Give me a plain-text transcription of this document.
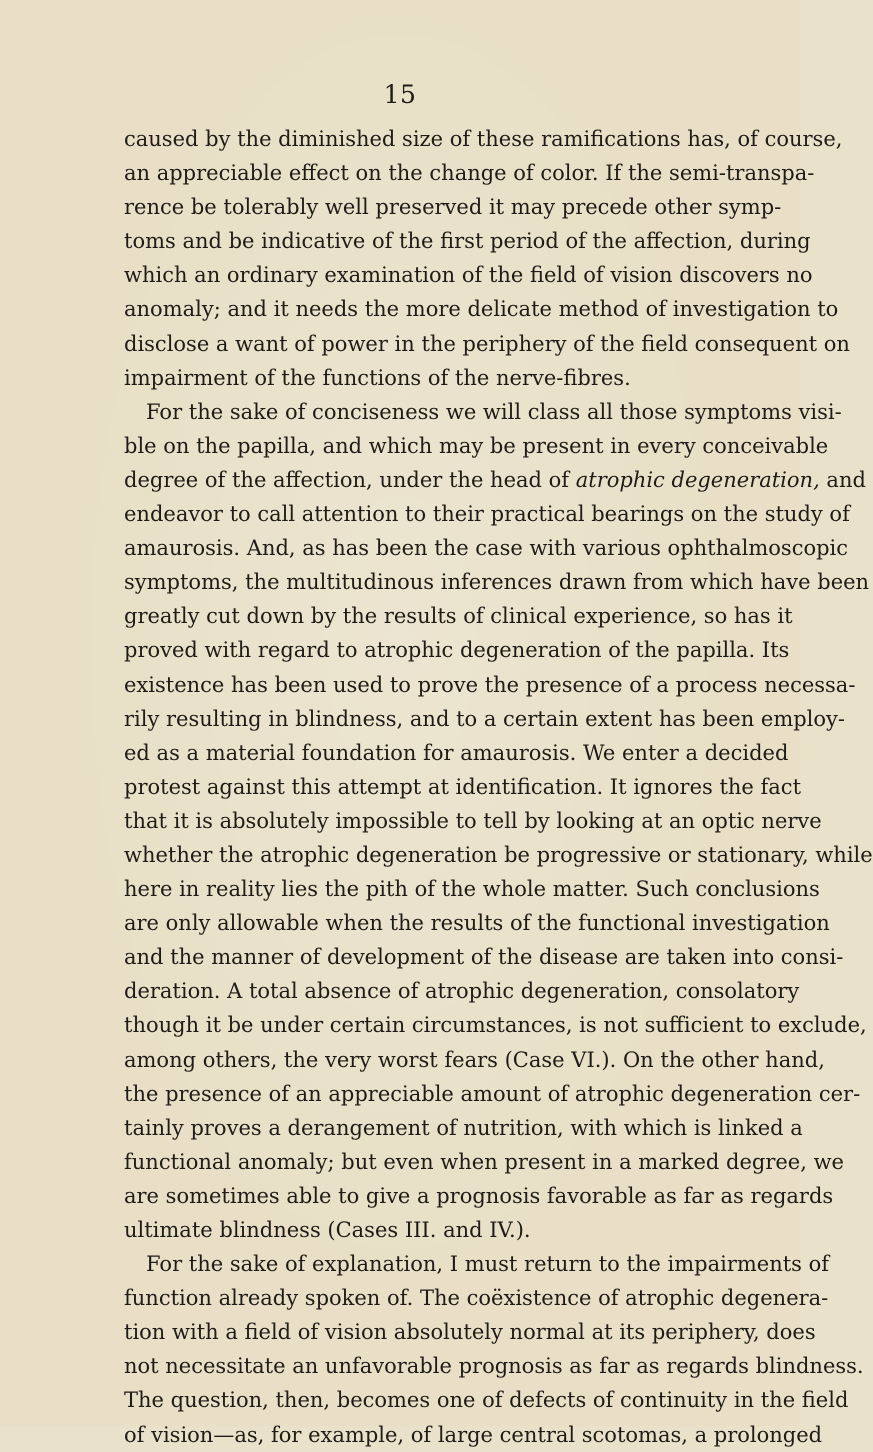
15
caused by the diminished size of these ramifications has, of course,
an appreciable effect on the change of color. If the semi-transpa-
rence be tolerably well preserved it may precede other symp-
toms and be indicative of the first period of the affection, during
which an ordinary examination of the field of vision discovers no
anomaly; and it needs the more delicate method of investigation to
disclose a want of power in the periphery of the field consequent on
impairment of the functions of the nerve-fibres.
For the sake of conciseness we will class all those symptoms visi-
ble on the papilla, and which may be present in every conceivable
degree of the affection, under the head of atrophic degeneration, and
endeavor to call attention to their practical bearings on the study of
amaurosis. And, as has been the case with various ophthalmoscopic
symptoms, the multitudinous inferences drawn from which have been
greatly cut down by the results of clinical experience, so has it
proved with regard to atrophic degeneration of the papilla. Its
existence has been used to prove the presence of a process necessa-
rily resulting in blindness, and to a certain extent has been employ-
ed as a material foundation for amaurosis. We enter a decided
protest against this attempt at identification. It ignores the fact
that it is absolutely impossible to tell by looking at an optic nerve
whether the atrophic degeneration be progressive or stationary, while
here in reality lies the pith of the whole matter. Such conclusions
are only allowable when the results of the functional investigation
and the manner of development of the disease are taken into consi-
deration. A total absence of atrophic degeneration, consolatory
though it be under certain circumstances, is not sufficient to exclude,
among others, the very worst fears (Case VI.). On the other hand,
the presence of an appreciable amount of atrophic degeneration cer-
tainly proves a derangement of nutrition, with which is linked a
functional anomaly; but even when present in a marked degree, we
are sometimes able to give a prognosis favorable as far as regards
ultimate blindness (Cases III. and IV.).
For the sake of explanation, I must return to the impairments of
function already spoken of. The coëxistence of atrophic degenera-
tion with a field of vision absolutely normal at its periphery, does
not necessitate an unfavorable prognosis as far as regards blindness.
The question, then, becomes one of defects of continuity in the field
of vision—as, for example, of large central scotomas, a prolonged
